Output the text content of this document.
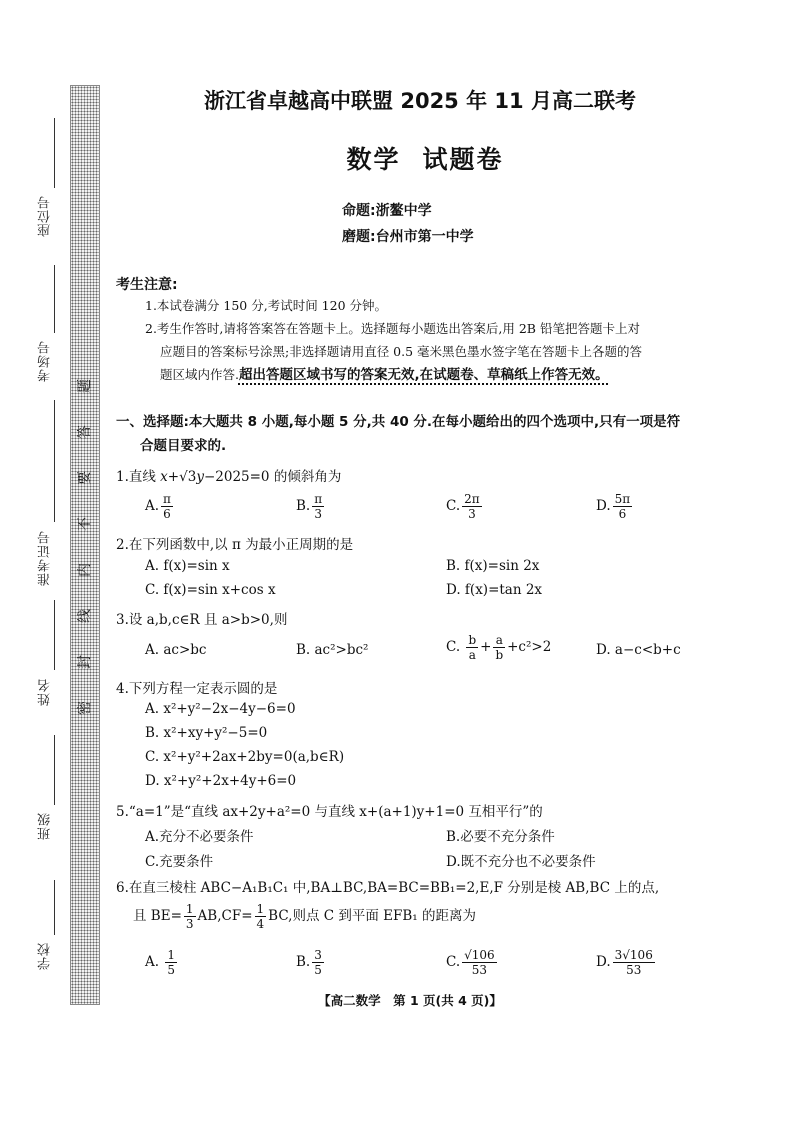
座位号
考场号
准考证号
姓名
班级
学校
题
答
要
不
内
线
封
密
浙江省卓越高中联盟 2025 年 11 月高二联考
数学 试题卷
命题:浙鳌中学
磨题:台州市第一中学
考生注意:
1.本试卷满分 150 分,考试时间 120 分钟。
2.考生作答时,请将答案答在答题卡上。选择题每小题选出答案后,用 2B 铅笔把答题卡上对
应题目的答案标号涂黑;非选择题请用直径 0.5 毫米黑色墨水签字笔在答题卡上各题的答
题区域内作答.超出答题区域书写的答案无效,在试题卷、草稿纸上作答无效。
一、选择题:本大题共 8 小题,每小题 5 分,共 40 分.在每小题给出的四个选项中,只有一项是符
合题目要求的.
1.直线 x+√3y−2025=0 的倾斜角为
A. $\frac{\pi}{6}$	B. $\frac{\pi}{3}$	C. $\frac{2\pi}{3}$	D. $\frac{5\pi}{6}$
2.在下列函数中,以 π 为最小正周期的是
A. f(x)=sin x	B. f(x)=sin 2x
C. f(x)=sin x+cos x	D. f(x)=tan 2x
3.设 a,b,c∈R 且 a>b>0,则
A. ac>bc	B. ac²>bc²	C. $\frac{b}{a} + \frac{a}{b} +c^2>2$	D. a−c<b+c
4.下列方程一定表示圆的是
A. x²+y²−2x−4y−6=0
B. x²+xy+y²−5=0
C. x²+y²+2ax+2by=0(a,b∈R)
D. x²+y²+2x+4y+6=0
5.“a=1”是“直线 ax+2y+a²=0 与直线 x+(a+1)y+1=0 互相平行”的
A.充分不必要条件	B.必要不充分条件
C.充要条件	D.既不充分也不必要条件
6.在直三棱柱 ABC−A₁B₁C₁ 中,BA⊥BC,BA=BC=BB₁=2,E,F 分别是棱 AB,BC 上的点,
且 $BE= \frac{1}{3} AB,CF= \frac{1}{4}$ BC,则点 C 到平面 EFB₁ 的距离为
A. $\frac{1}{5}$	B. $\frac{3}{5}$	C. $\frac{√106}{53}$	D. $\frac{3√106}{53}$
【高二数学　第 1 页(共 4 页)】
